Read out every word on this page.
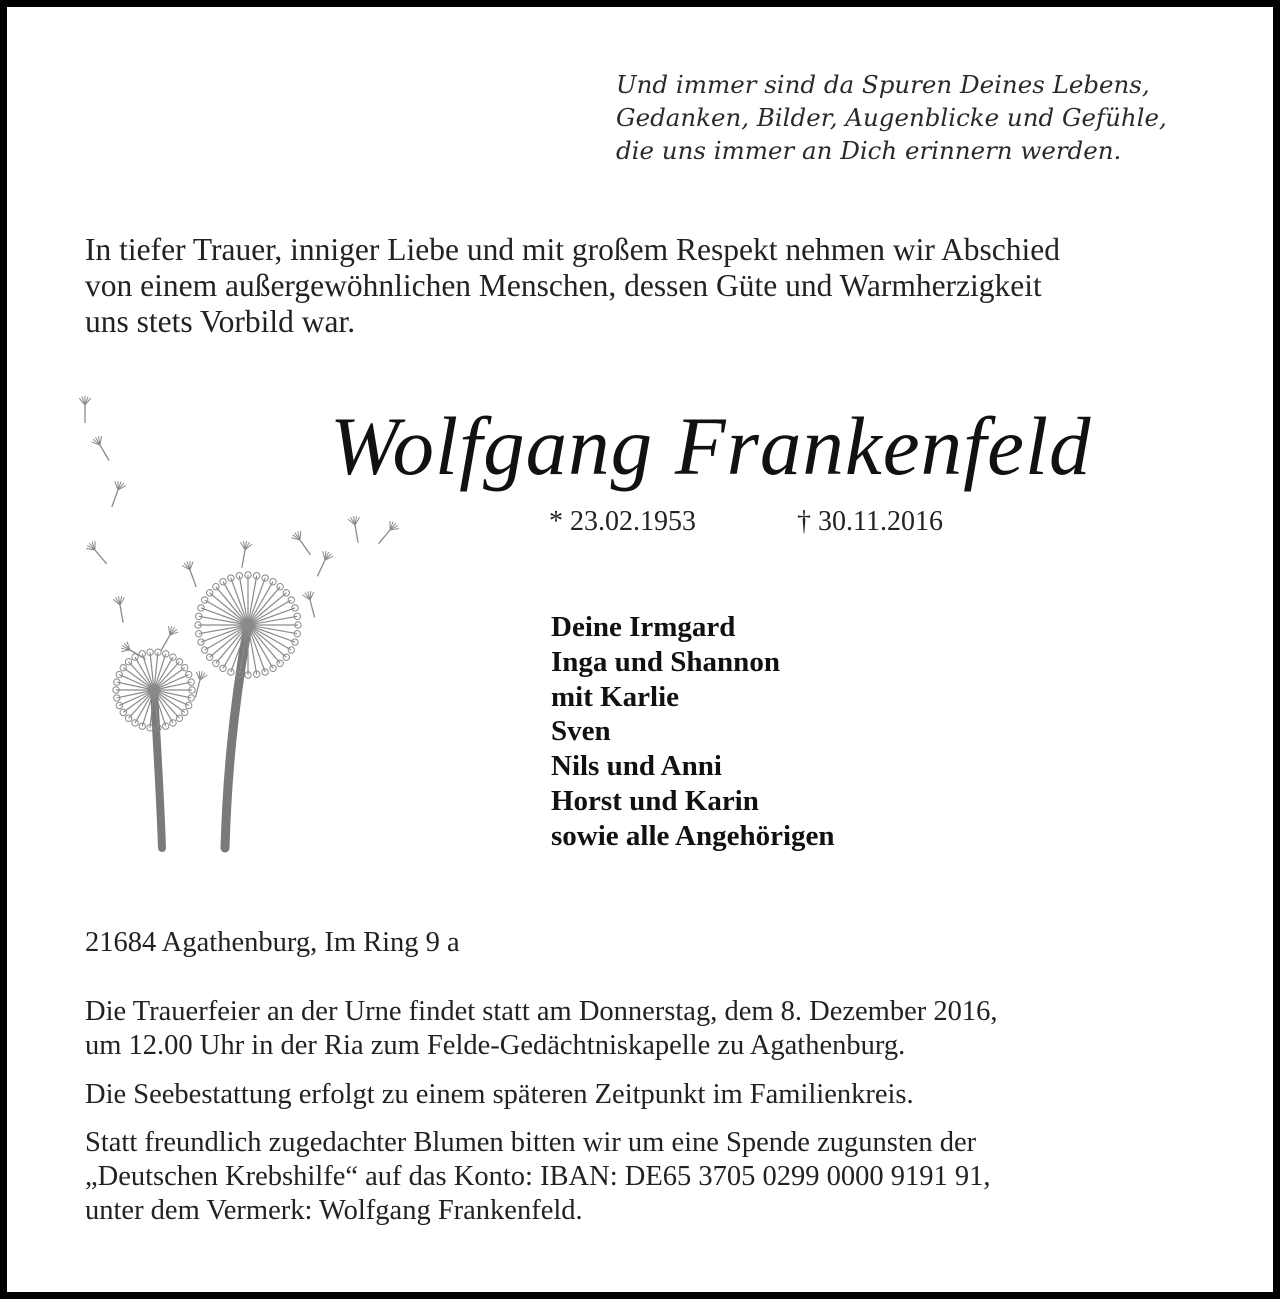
Und immer sind da Spuren Deines Lebens,
Gedanken, Bilder, Augenblicke und Gefühle,
die uns immer an Dich erinnern werden.
In tiefer Trauer, inniger Liebe und mit großem Respekt nehmen wir Abschied
von einem außergewöhnlichen Menschen, dessen Güte und Warmherzigkeit
uns stets Vorbild war.
Wolfgang Frankenfeld
* 23.02.1953	† 30.11.2016
Deine Irmgard
Inga und Shannon
mit Karlie
Sven
Nils und Anni
Horst und Karin
sowie alle Angehörigen
21684 Agathenburg, Im Ring 9 a
Die Trauerfeier an der Urne findet statt am Donnerstag, dem 8. Dezember 2016,
um 12.00 Uhr in der Ria zum Felde-Gedächtniskapelle zu Agathenburg.
Die Seebestattung erfolgt zu einem späteren Zeitpunkt im Familienkreis.
Statt freundlich zugedachter Blumen bitten wir um eine Spende zugunsten der
„Deutschen Krebshilfe“ auf das Konto: IBAN: DE65 3705 0299 0000 9191 91,
unter dem Vermerk: Wolfgang Frankenfeld.
